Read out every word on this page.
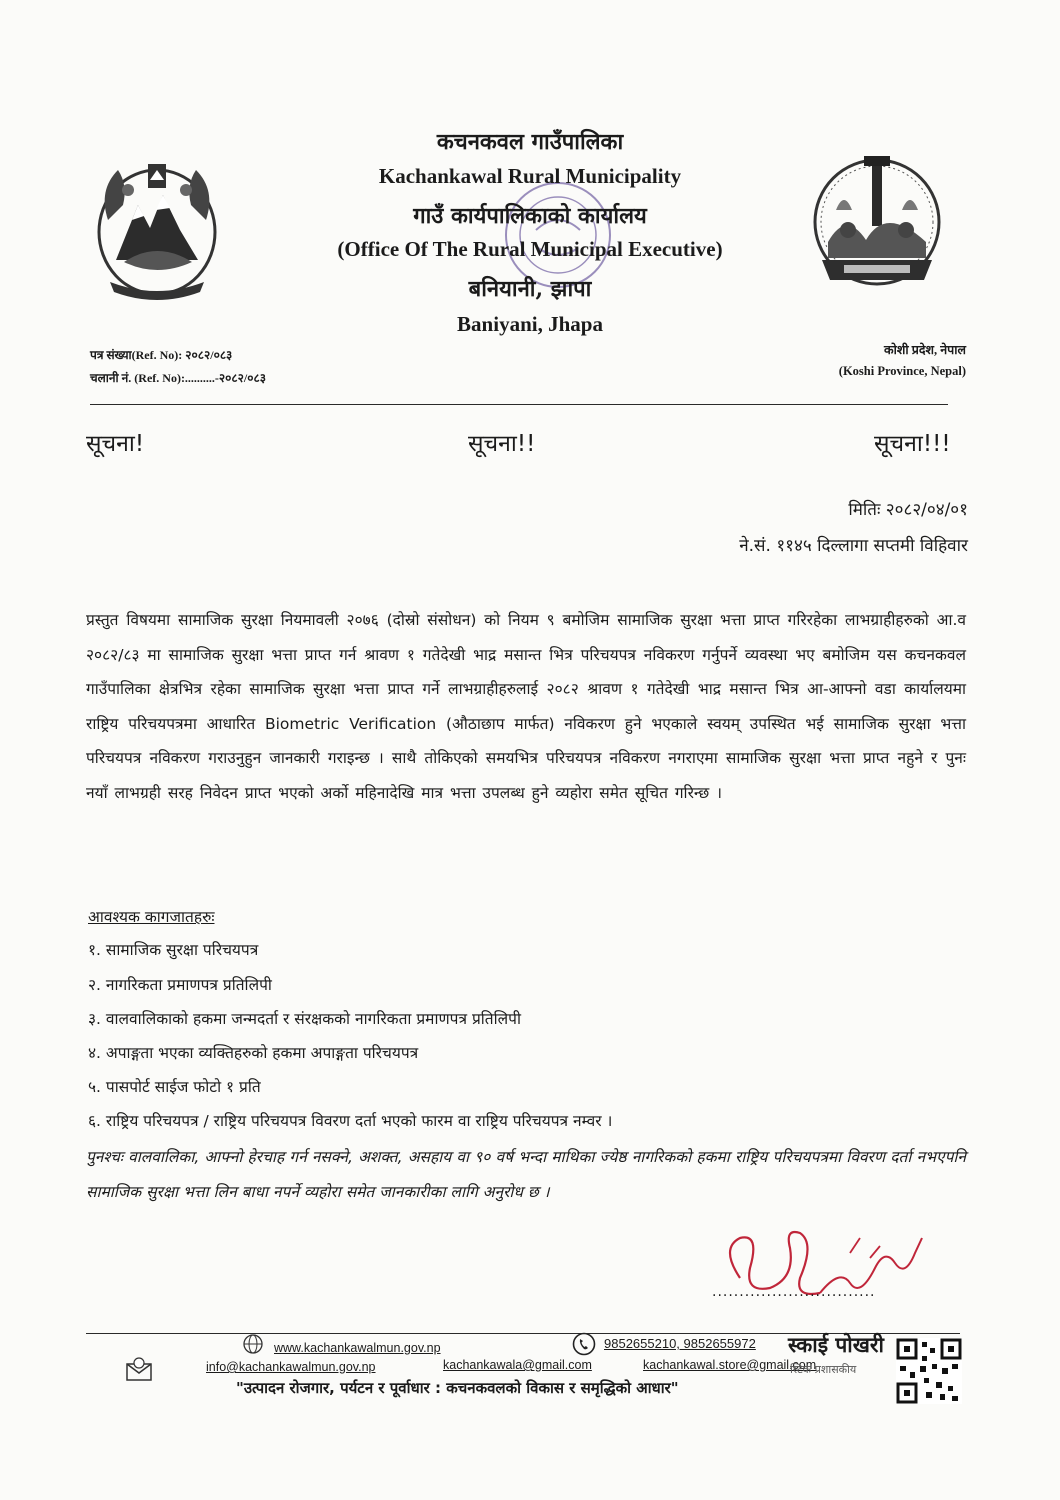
कचनकवल गाउँपालिका
Kachankawal Rural Municipality
गाउँ कार्यपालिकाको कार्यालय
(Office Of The Rural Municipal Executive)
बनियानी, झापा
Baniyani, Jhapa
पत्र संख्या(Ref. No): २०८२/०८३
चलानी नं. (Ref. No):..........-२०८२/०८३
कोशी प्रदेश, नेपाल
(Koshi Province, Nepal)
सूचना!	सूचना!!	सूचना!!!
मितिः २०८२/०४/०१
ने.सं. ११४५ दिल्लागा सप्तमी विहिवार
प्रस्तुत विषयमा सामाजिक सुरक्षा नियमावली २०७६ (दोस्रो संसोधन) को नियम ९ बमोजिम सामाजिक सुरक्षा भत्ता प्राप्त गरिरहेका लाभग्राहीहरुको आ.व २०८२/८३ मा सामाजिक सुरक्षा भत्ता प्राप्त गर्न श्रावण १ गतेदेखी भाद्र मसान्त भित्र परिचयपत्र नविकरण गर्नुपर्ने व्यवस्था भए बमोजिम यस कचनकवल गाउँपालिका क्षेत्रभित्र रहेका सामाजिक सुरक्षा भत्ता प्राप्त गर्ने लाभग्राहीहरुलाई २०८२ श्रावण १ गतेदेखी भाद्र मसान्त भित्र आ-आफ्नो वडा कार्यालयमा राष्ट्रिय परिचयपत्रमा आधारित Biometric Verification (औठाछाप मार्फत) नविकरण हुने भएकाले स्वयम् उपस्थित भई सामाजिक सुरक्षा भत्ता परिचयपत्र नविकरण गराउनुहुन जानकारी गराइन्छ । साथै तोकिएको समयभित्र परिचयपत्र नविकरण नगराएमा सामाजिक सुरक्षा भत्ता प्राप्त नहुने र पुनः नयाँ लाभग्रही सरह निवेदन प्राप्त भएको अर्को महिनादेखि मात्र भत्ता उपलब्ध हुने व्यहोरा समेत सूचित गरिन्छ ।
आवश्यक कागजातहरुः
१. सामाजिक सुरक्षा परिचयपत्र
२. नागरिकता प्रमाणपत्र प्रतिलिपी
३. वालवालिकाको हकमा जन्मदर्ता र संरक्षकको नागरिकता प्रमाणपत्र प्रतिलिपी
४. अपाङ्गता भएका व्यक्तिहरुको हकमा अपाङ्गता परिचयपत्र
५. पासपोर्ट साईज फोटो १ प्रति
६. राष्ट्रिय परिचयपत्र / राष्ट्रिय परिचयपत्र विवरण दर्ता भएको फारम वा राष्ट्रिय परिचयपत्र नम्वर ।
पुनश्चः वालवालिका, आफ्नो हेरचाह गर्न नसक्ने, अशक्त, असहाय वा ९० वर्ष भन्दा माथिका ज्येष्ठ नागरिकको हकमा राष्ट्रिय परिचयपत्रमा विवरण दर्ता नभएपनि सामाजिक सुरक्षा भत्ता लिन बाधा नपर्ने व्यहोरा समेत जानकारीका लागि अनुरोध छ ।
..............................
www.kachankawalmun.gov.np	9852655210, 9852655972
info@kachankawalmun.gov.np	kachankawala@gmail.com	kachankawal.store@gmail.com
"उत्पादन रोजगार, पर्यटन र पूर्वाधार : कचनकवलको विकास र समृद्धिको आधार"
स्काई पोखरी
स्टिक प्रशासकीय
